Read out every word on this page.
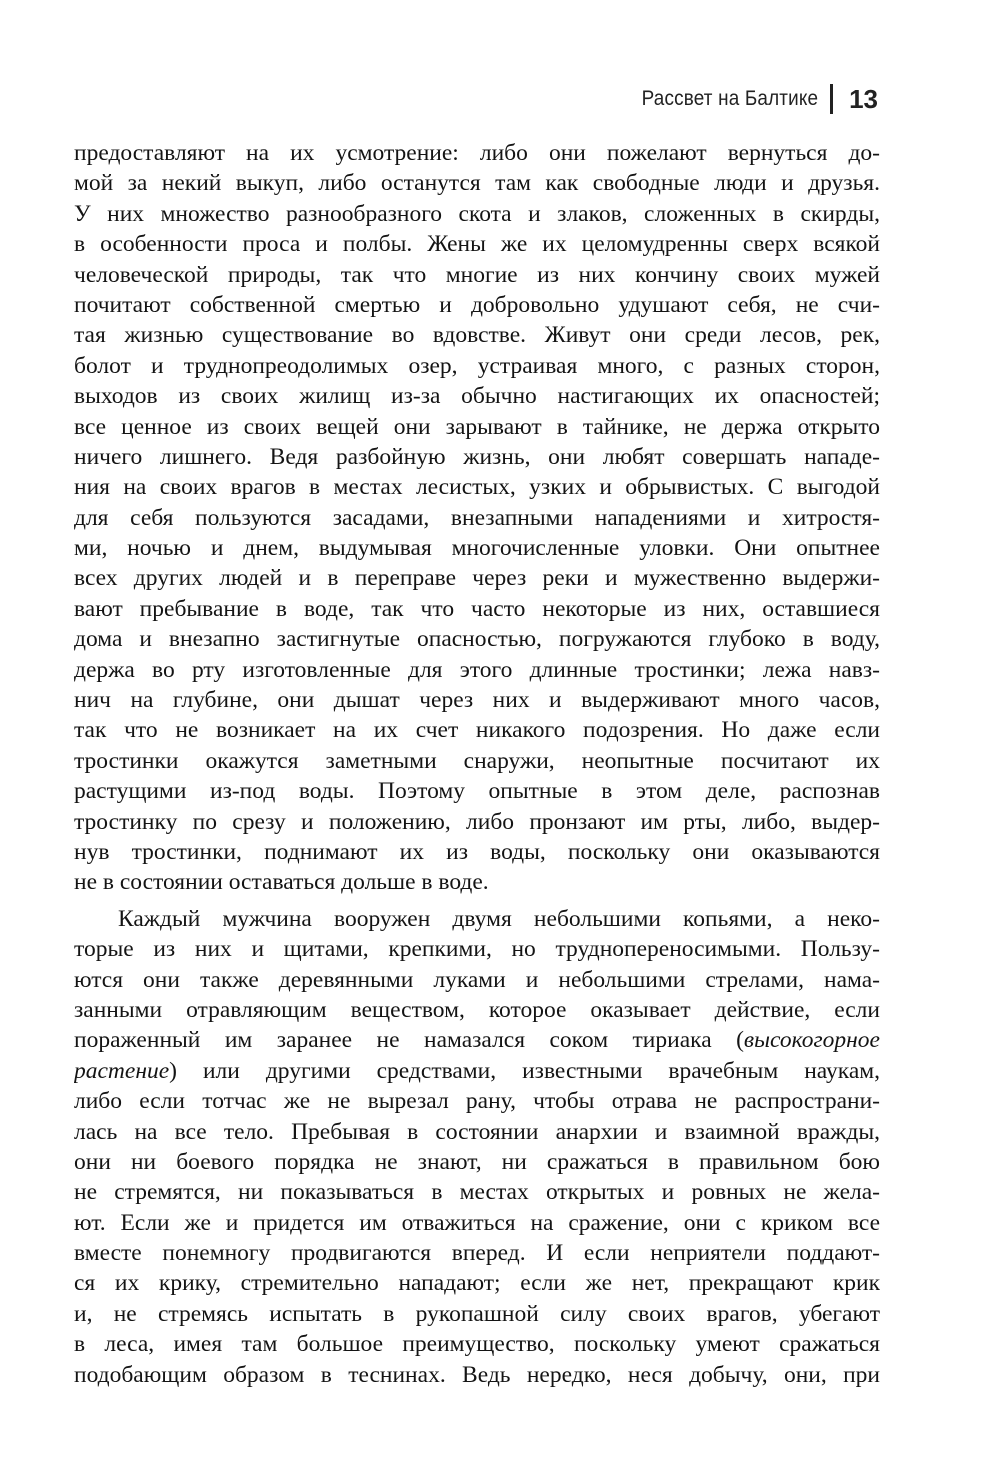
Рассвет на Балтике 13
предоставляют на их усмотрение: либо они пожелают вернуться до-
мой за некий выкуп, либо останутся там как свободные люди и друзья.
У них множество разнообразного скота и злаков, сложенных в скирды,
в особенности проса и полбы. Жены же их целомудренны сверх всякой
человеческой природы, так что многие из них кончину своих мужей
почитают собственной смертью и добровольно удушают себя, не счи-
тая жизнью существование во вдовстве. Живут они среди лесов, рек,
болот и труднопреодолимых озер, устраивая много, с разных сторон,
выходов из своих жилищ из-за обычно настигающих их опасностей;
все ценное из своих вещей они зарывают в тайнике, не держа открыто
ничего лишнего. Ведя разбойную жизнь, они любят совершать нападе-
ния на своих врагов в местах лесистых, узких и обрывистых. С выгодой
для себя пользуются засадами, внезапными нападениями и хитростя-
ми, ночью и днем, выдумывая многочисленные уловки. Они опытнее
всех других людей и в переправе через реки и мужественно выдержи-
вают пребывание в воде, так что часто некоторые из них, оставшиеся
дома и внезапно застигнутые опасностью, погружаются глубоко в воду,
держа во рту изготовленные для этого длинные тростинки; лежа навз-
нич на глубине, они дышат через них и выдерживают много часов,
так что не возникает на их счет никакого подозрения. Но даже если
тростинки окажутся заметными снаружи, неопытные посчитают их
растущими из-под воды. Поэтому опытные в этом деле, распознав
тростинку по срезу и положению, либо пронзают им рты, либо, выдер-
нув тростинки, поднимают их из воды, поскольку они оказываются
не в состоянии оставаться дольше в воде.
Каждый мужчина вооружен двумя небольшими копьями, а неко-
торые из них и щитами, крепкими, но труднопереносимыми. Пользу-
ются они также деревянными луками и небольшими стрелами, нама-
занными отравляющим веществом, которое оказывает действие, если
пораженный им заранее не намазался соком тириака (высокогорное
растение) или другими средствами, известными врачебным наукам,
либо если тотчас же не вырезал рану, чтобы отрава не распространи-
лась на все тело. Пребывая в состоянии анархии и взаимной вражды,
они ни боевого порядка не знают, ни сражаться в правильном бою
не стремятся, ни показываться в местах открытых и ровных не жела-
ют. Если же и придется им отважиться на сражение, они с криком все
вместе понемногу продвигаются вперед. И если неприятели поддают-
ся их крику, стремительно нападают; если же нет, прекращают крик
и, не стремясь испытать в рукопашной силу своих врагов, убегают
в леса, имея там большое преимущество, поскольку умеют сражаться
подобающим образом в теснинах. Ведь нередко, неся добычу, они, при
